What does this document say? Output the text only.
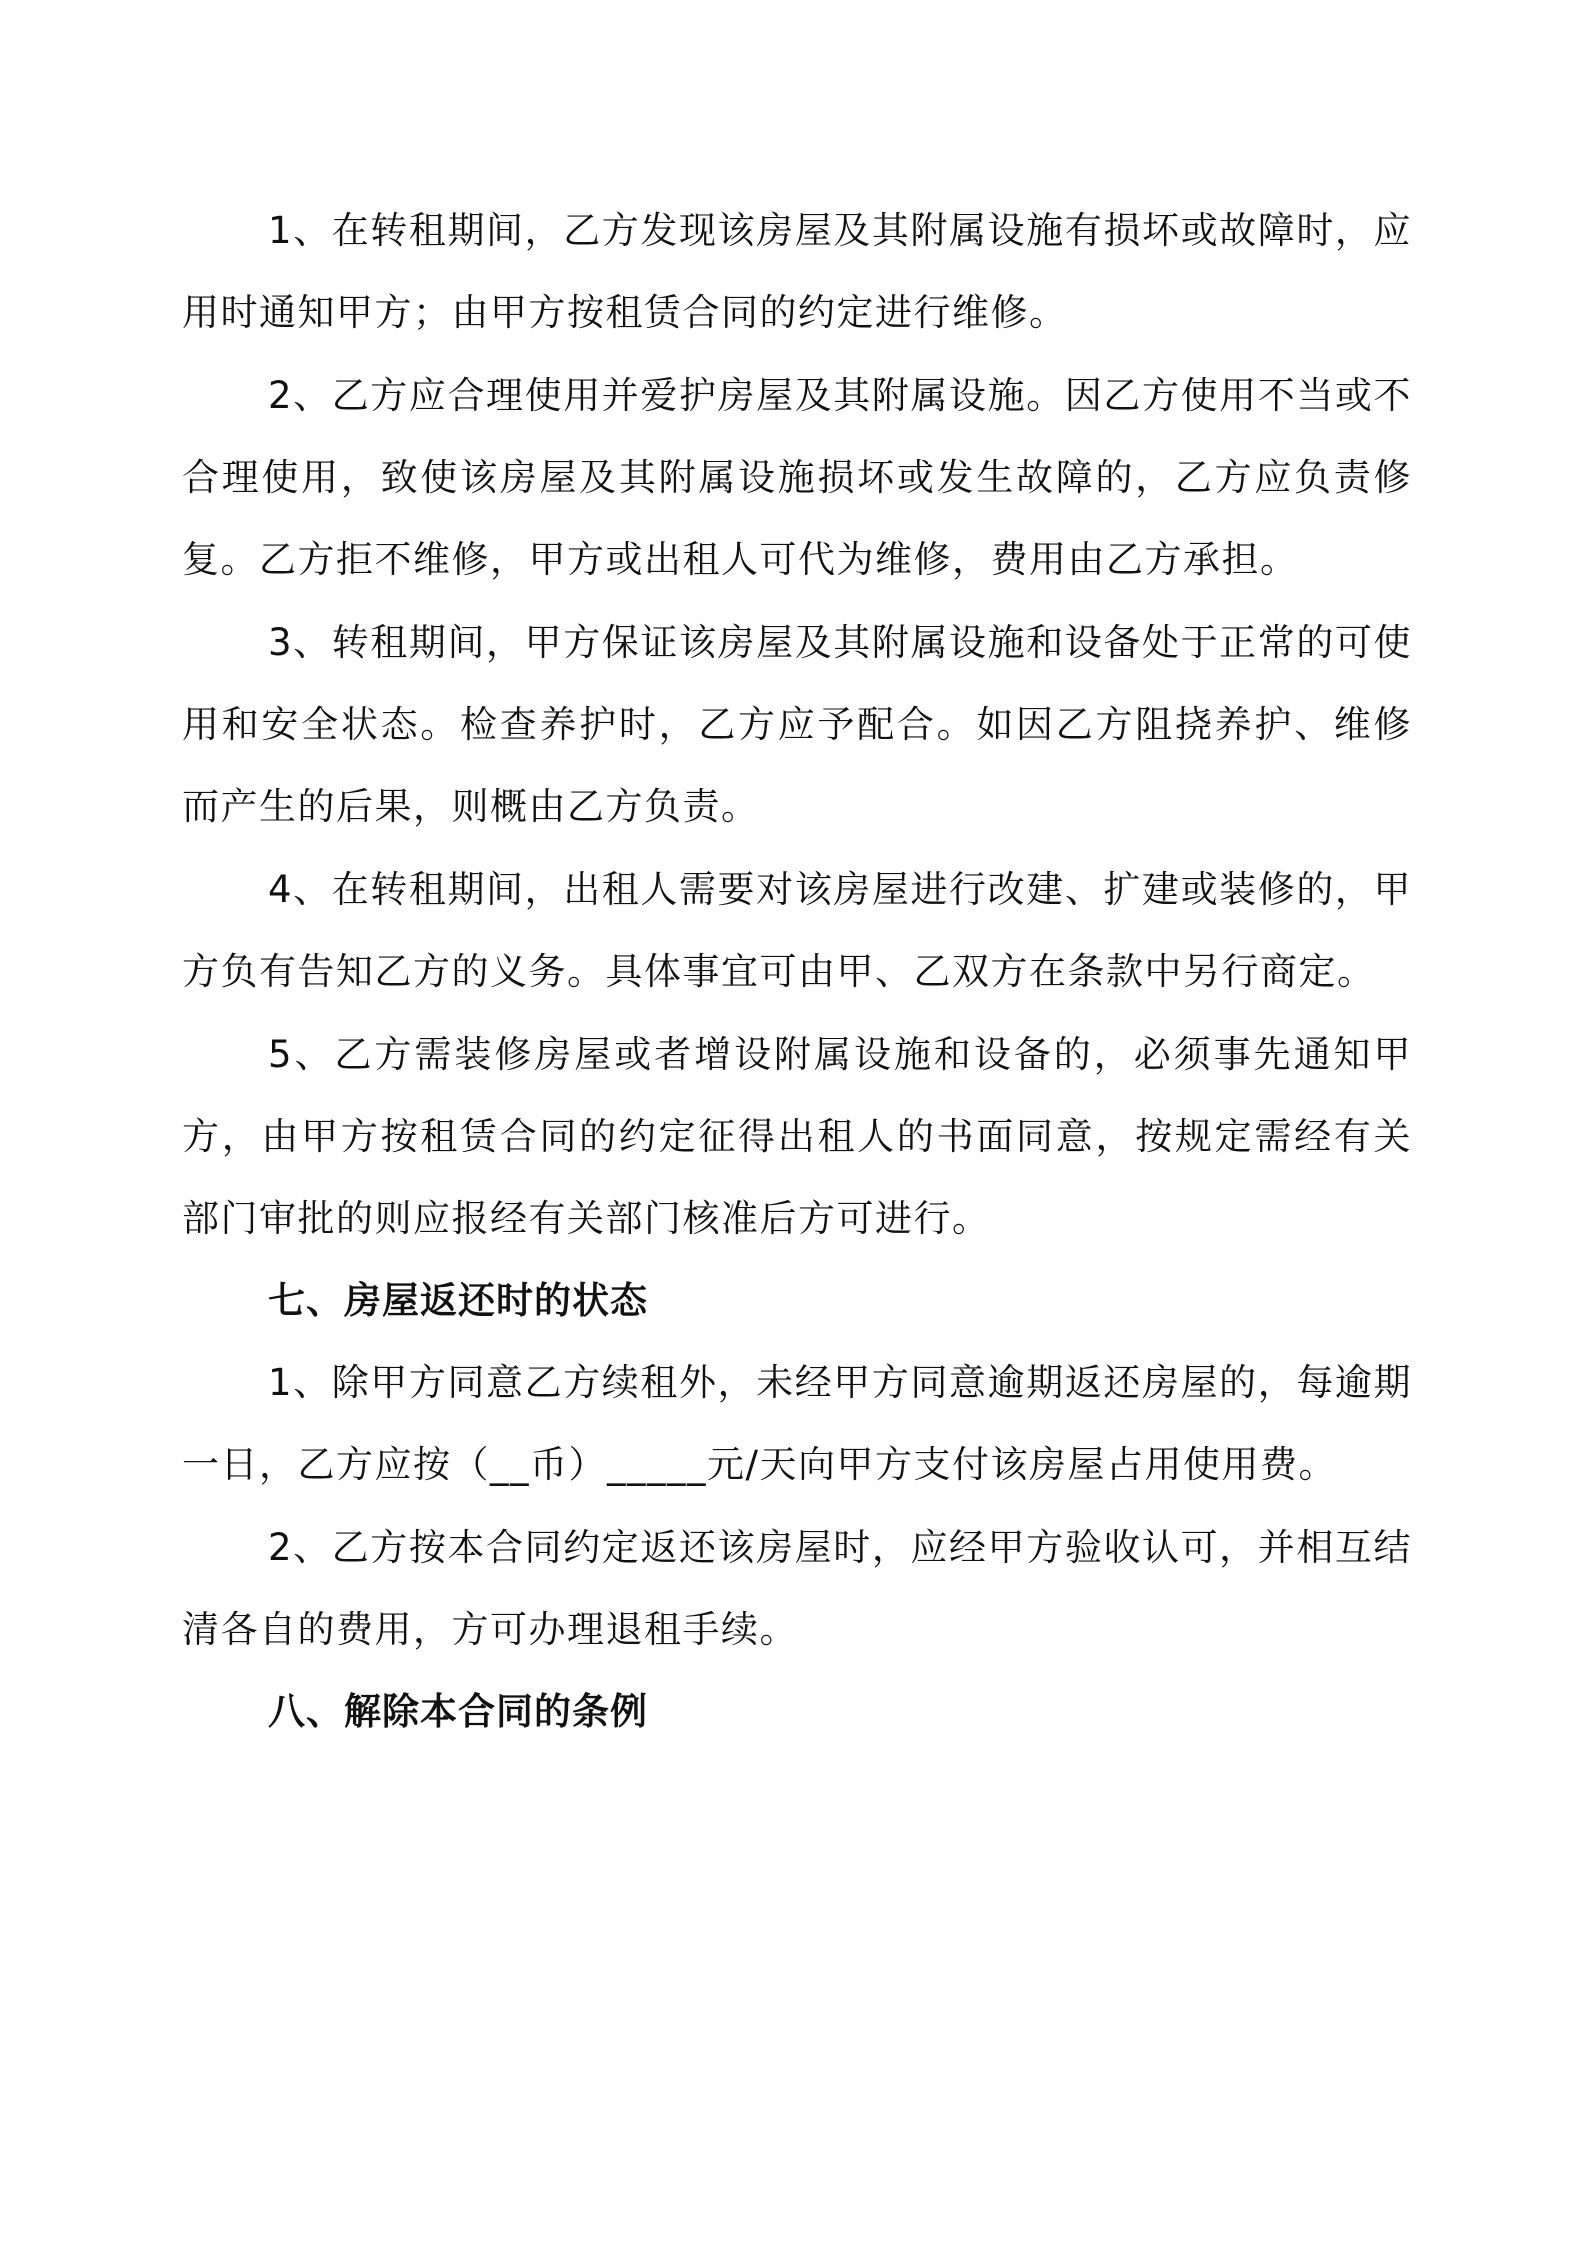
1、在转租期间，乙方发现该房屋及其附属设施有损坏或故障时，应用时通知甲方；由甲方按租赁合同的约定进行维修。

2、乙方应合理使用并爱护房屋及其附属设施。因乙方使用不当或不合理使用，致使该房屋及其附属设施损坏或发生故障的，乙方应负责修复。乙方拒不维修，甲方或出租人可代为维修，费用由乙方承担。

3、转租期间，甲方保证该房屋及其附属设施和设备处于正常的可使用和安全状态。检查养护时，乙方应予配合。如因乙方阻挠养护、维修而产生的后果，则概由乙方负责。

4、在转租期间，出租人需要对该房屋进行改建、扩建或装修的，甲方负有告知乙方的义务。具体事宜可由甲、乙双方在条款中另行商定。

5、乙方需装修房屋或者增设附属设施和设备的，必须事先通知甲方，由甲方按租赁合同的约定征得出租人的书面同意，按规定需经有关部门审批的则应报经有关部门核准后方可进行。

七、房屋返还时的状态

1、除甲方同意乙方续租外，未经甲方同意逾期返还房屋的，每逾期一日，乙方应按（__币）_____元/天向甲方支付该房屋占用使用费。

2、乙方按本合同约定返还该房屋时，应经甲方验收认可，并相互结清各自的费用，方可办理退租手续。

八、解除本合同的条例
